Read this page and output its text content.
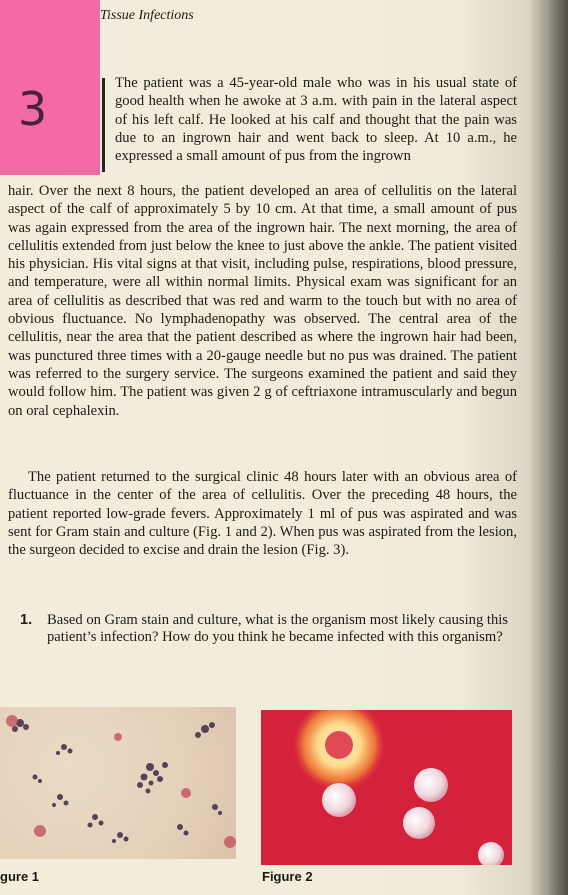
3
Tissue Infections

The patient was a 45-year-old male who was in his usual state of good health when he awoke at 3 a.m. with pain in the lateral aspect of his left calf. He looked at his calf and thought that the pain was due to an ingrown hair and went back to sleep. At 10 a.m., he expressed a small amount of pus from the ingrown

hair. Over the next 8 hours, the patient developed an area of cellulitis on the lateral aspect of the calf of approximately 5 by 10 cm. At that time, a small amount of pus was again expressed from the area of the ingrown hair. The next morning, the area of cellulitis extended from just below the knee to just above the ankle. The patient visited his physician. His vital signs at that visit, including pulse, respirations, blood pressure, and temperature, were all within normal limits. Physical exam was significant for an area of cellulitis as described that was red and warm to the touch but with no area of obvious fluctuance. No lymphadenopathy was observed. The central area of the cellulitis, near the area that the patient described as where the ingrown hair had been, was punctured three times with a 20-gauge needle but no pus was drained. The patient was referred to the surgery service. The surgeons examined the patient and said they would follow him. The patient was given 2 g of ceftriaxone intramuscularly and begun on oral cephalexin.

The patient returned to the surgical clinic 48 hours later with an obvious area of fluctuance in the center of the area of cellulitis. Over the preceding 48 hours, the patient reported low-grade fevers. Approximately 1 ml of pus was aspirated and was sent for Gram stain and culture (Fig. 1 and 2). When pus was aspirated from the lesion, the surgeon decided to excise and drain the lesion (Fig. 3).

1. Based on Gram stain and culture, what is the organism most likely causing this patient’s infection? How do you think he became infected with this organism?
gure 1	Figure 2
